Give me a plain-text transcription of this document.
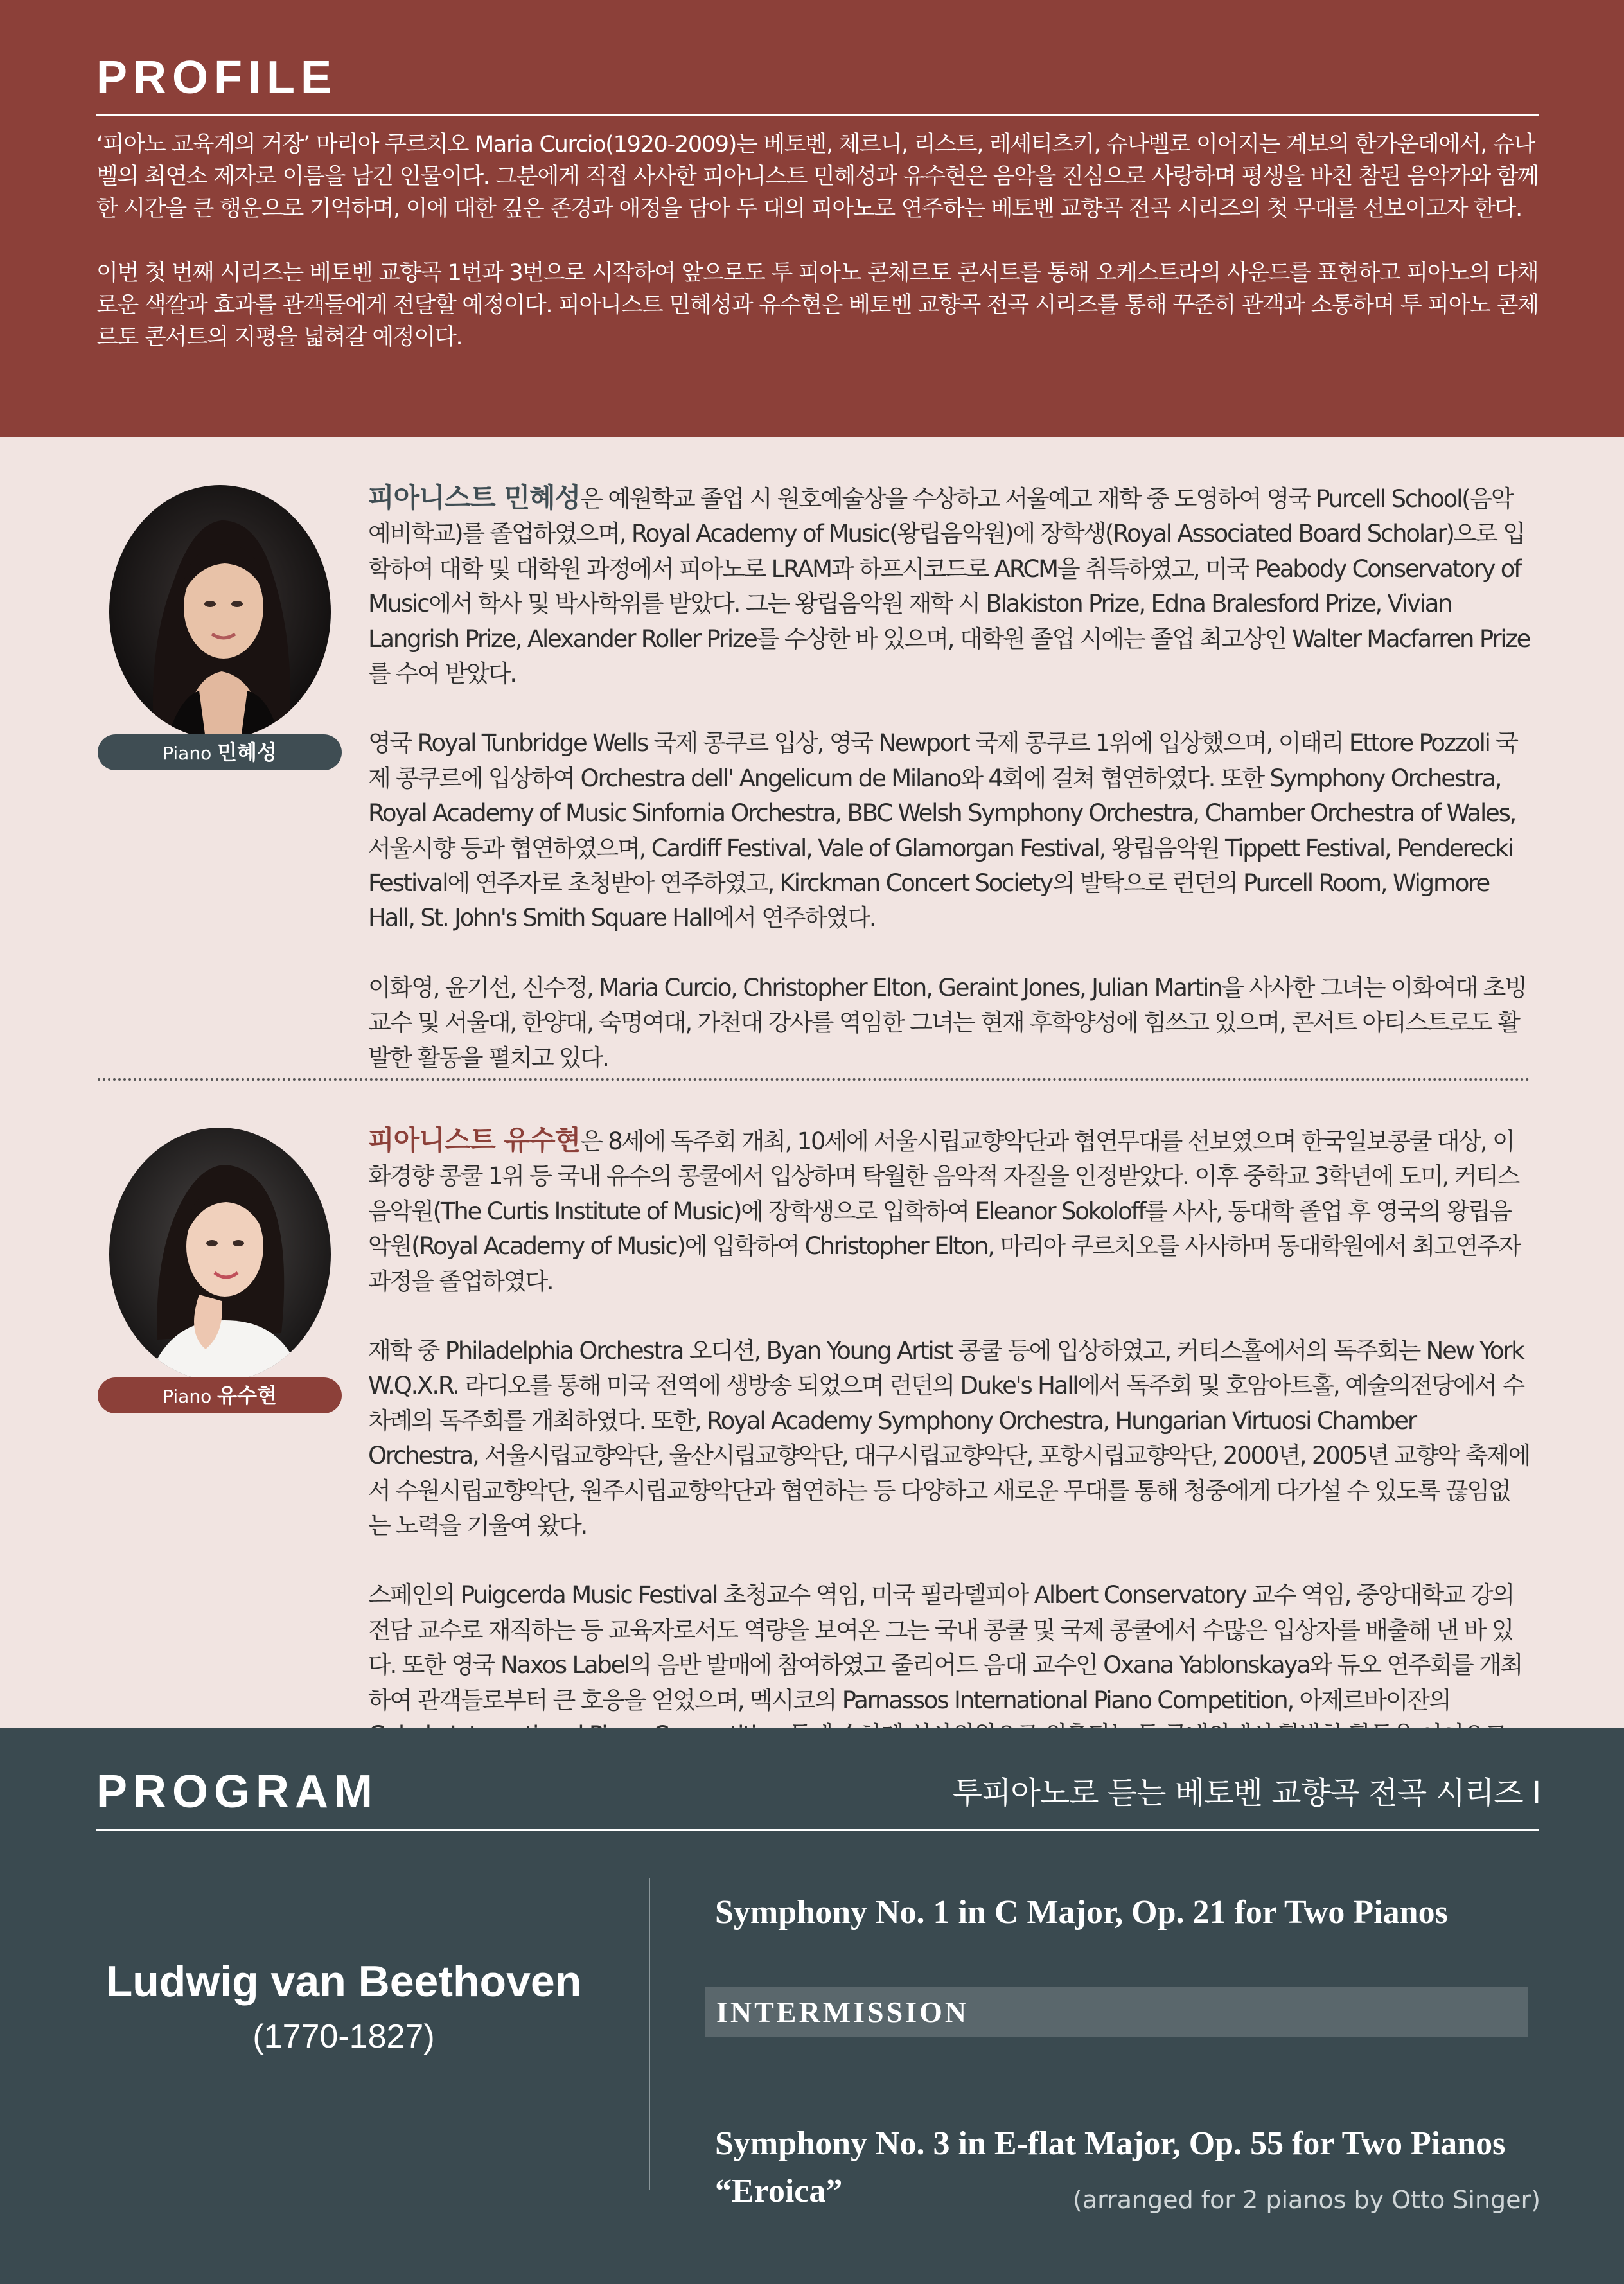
PROFILE

‘피아노 교육계의 거장’ 마리아 쿠르치오 Maria Curcio(1920-2009)는 베토벤, 체르니, 리스트, 레셰티츠키, 슈나벨로 이어지는 계보의 한가운데에서, 슈나벨의 최연소 제자로 이름을 남긴 인물이다. 그분에게 직접 사사한 피아니스트 민혜성과 유수현은 음악을 진심으로 사랑하며 평생을 바친 참된 음악가와 함께한 시간을 큰 행운으로 기억하며, 이에 대한 깊은 존경과 애정을 담아 두 대의 피아노로 연주하는 베토벤 교향곡 전곡 시리즈의 첫 무대를 선보이고자 한다.

이번 첫 번째 시리즈는 베토벤 교향곡 1번과 3번으로 시작하여 앞으로도 투 피아노 콘체르토 콘서트를 통해 오케스트라의 사운드를 표현하고 피아노의 다채로운 색깔과 효과를 관객들에게 전달할 예정이다. 피아니스트 민혜성과 유수현은 베토벤 교향곡 전곡 시리즈를 통해 꾸준히 관객과 소통하며 투 피아노 콘체르토 콘서트의 지평을 넓혀갈 예정이다.

Piano 민혜성

피아니스트 민혜성은 예원학교 졸업 시 원호예술상을 수상하고 서울예고 재학 중 도영하여 영국 Purcell School(음악예비학교)를 졸업하였으며, Royal Academy of Music(왕립음악원)에 장학생(Royal Associated Board Scholar)으로 입학하여 대학 및 대학원 과정에서 피아노로 LRAM과 하프시코드로 ARCM을 취득하였고, 미국 Peabody Conservatory of Music에서 학사 및 박사학위를 받았다. 그는 왕립음악원 재학 시 Blakiston Prize, Edna Bralesford Prize, Vivian Langrish Prize, Alexander Roller Prize를 수상한 바 있으며, 대학원 졸업 시에는 졸업 최고상인 Walter Macfarren Prize를 수여 받았다.

영국 Royal Tunbridge Wells 국제 콩쿠르 입상, 영국 Newport 국제 콩쿠르 1위에 입상했으며, 이태리 Ettore Pozzoli 국제 콩쿠르에 입상하여 Orchestra dell' Angelicum de Milano와 4회에 걸쳐 협연하였다. 또한 Symphony Orchestra, Royal Academy of Music Sinfornia Orchestra, BBC Welsh Symphony Orchestra, Chamber Orchestra of Wales, 서울시향 등과 협연하였으며, Cardiff Festival, Vale of Glamorgan Festival, 왕립음악원 Tippett Festival, Penderecki Festival에 연주자로 초청받아 연주하였고, Kirckman Concert Society의 발탁으로 런던의 Purcell Room, Wigmore Hall, St. John's Smith Square Hall에서 연주하였다.

이화영, 윤기선, 신수정, Maria Curcio, Christopher Elton, Geraint Jones, Julian Martin을 사사한 그녀는 이화여대 초빙교수 및 서울대, 한양대, 숙명여대, 가천대 강사를 역임한 그녀는 현재 후학양성에 힘쓰고 있으며, 콘서트 아티스트로도 활발한 활동을 펼치고 있다.

Piano 유수현

피아니스트 유수현은 8세에 독주회 개최, 10세에 서울시립교향악단과 협연무대를 선보였으며 한국일보콩쿨 대상, 이화경향 콩쿨 1위 등 국내 유수의 콩쿨에서 입상하며 탁월한 음악적 자질을 인정받았다. 이후 중학교 3학년에 도미, 커티스 음악원(The Curtis Institute of Music)에 장학생으로 입학하여 Eleanor Sokoloff를 사사, 동대학 졸업 후 영국의 왕립음악원(Royal Academy of Music)에 입학하여 Christopher Elton, 마리아 쿠르치오를 사사하며 동대학원에서 최고연주자 과정을 졸업하였다.

재학 중 Philadelphia Orchestra 오디션, Byan Young Artist 콩쿨 등에 입상하였고, 커티스홀에서의 독주회는 New York W.Q.X.R. 라디오를 통해 미국 전역에 생방송 되었으며 런던의 Duke's Hall에서 독주회 및 호암아트홀, 예술의전당에서 수차례의 독주회를 개최하였다. 또한, Royal Academy Symphony Orchestra, Hungarian Virtuosi Chamber Orchestra, 서울시립교향악단, 울산시립교향악단, 대구시립교향악단, 포항시립교향악단, 2000년, 2005년 교향악 축제에서 수원시립교향악단, 원주시립교향악단과 협연하는 등 다양하고 새로운 무대를 통해 청중에게 다가설 수 있도록 끊임없는 노력을 기울여 왔다.

스페인의 Puigcerda Music Festival 초청교수 역임, 미국 필라델피아 Albert Conservatory 교수 역임, 중앙대학교 강의 전담 교수로 재직하는 등 교육자로서도 역량을 보여온 그는 국내 콩쿨 및 국제 콩쿨에서 수많은 입상자를 배출해 낸 바 있다. 또한 영국 Naxos Label의 음반 발매에 참여하였고 줄리어드 음대 교수인 Oxana Yablonskaya와 듀오 연주회를 개최하여 관객들로부터 큰 호응을 얻었으며, 멕시코의 Parnassos International Piano Competition, 아제르바이잔의

PROGRAM	투피아노로 듣는 베토벤 교향곡 전곡 시리즈 I
Ludwig van Beethoven
(1770-1827)
Symphony No. 1 in C Major, Op. 21 for Two Pianos
INTERMISSION
Symphony No. 3 in E-flat Major, Op. 55 for Two Pianos
“Eroica”	(arranged for 2 pianos by Otto Singer)
